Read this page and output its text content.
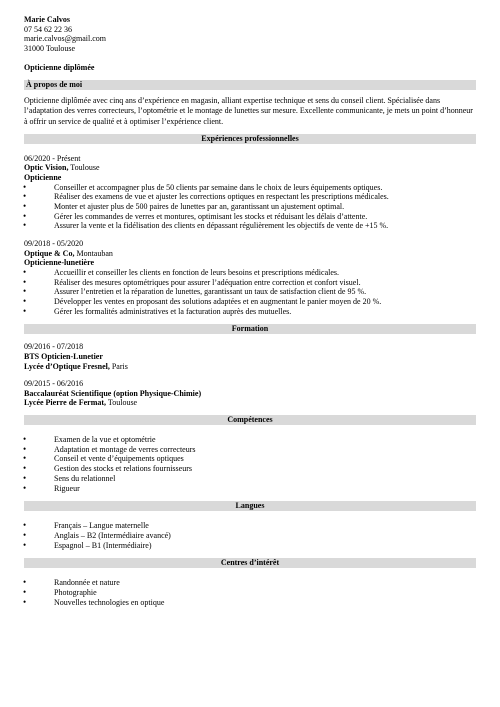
Marie Calvos
07 54 62 22 36
marie.calvos@gmail.com
31000 Toulouse
Opticienne diplômée
À propos de moi
Opticienne diplômée avec cinq ans d’expérience en magasin, alliant expertise technique et sens du conseil client. Spécialisée dans l’adaptation des verres correcteurs, l’optométrie et le montage de lunettes sur mesure. Excellente communicante, je mets un point d’honneur à offrir un service de qualité et à optimiser l’expérience client.
Expériences professionnelles
06/2020 - Présent
Optic Vision, Toulouse
Opticienne
• Conseiller et accompagner plus de 50 clients par semaine dans le choix de leurs équipements optiques.
• Réaliser des examens de vue et ajuster les corrections optiques en respectant les prescriptions médicales.
• Monter et ajuster plus de 500 paires de lunettes par an, garantissant un ajustement optimal.
• Gérer les commandes de verres et montures, optimisant les stocks et réduisant les délais d’attente.
• Assurer la vente et la fidélisation des clients en dépassant régulièrement les objectifs de vente de +15 %.
09/2018 - 05/2020
Optique & Co, Montauban
Opticienne-lunetière
• Accueillir et conseiller les clients en fonction de leurs besoins et prescriptions médicales.
• Réaliser des mesures optométriques pour assurer l’adéquation entre correction et confort visuel.
• Assurer l’entretien et la réparation de lunettes, garantissant un taux de satisfaction client de 95 %.
• Développer les ventes en proposant des solutions adaptées et en augmentant le panier moyen de 20 %.
• Gérer les formalités administratives et la facturation auprès des mutuelles.
Formation
09/2016 - 07/2018
BTS Opticien-Lunetier
Lycée d’Optique Fresnel, Paris
09/2015 - 06/2016
Baccalauréat Scientifique (option Physique-Chimie)
Lycée Pierre de Fermat, Toulouse
Compétences
• Examen de la vue et optométrie
• Adaptation et montage de verres correcteurs
• Conseil et vente d’équipements optiques
• Gestion des stocks et relations fournisseurs
• Sens du relationnel
• Rigueur
Langues
• Français – Langue maternelle
• Anglais – B2 (Intermédiaire avancé)
• Espagnol – B1 (Intermédiaire)
Centres d’intérêt
• Randonnée et nature
• Photographie
• Nouvelles technologies en optique
